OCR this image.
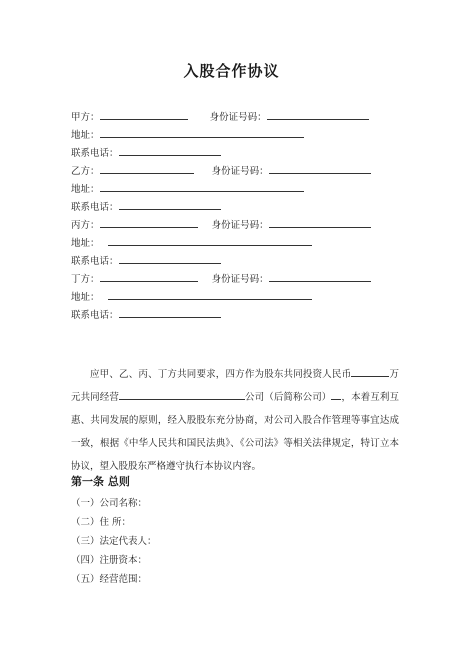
入股合作协议
甲方：	身份证号码：
地址：
联系电话：
乙方：	身份证号码：
地址：
联系电话：
丙方：	身份证号码：
地址：
联系电话：
丁方：	身份证号码：
地址：
联系电话：
应甲、乙、丙、丁方共同要求，四方作为股东共同投资人民币	万元共同经营	公司（后简称公司） ，本着互利互惠、共同发展的原则，经入股股东充分协商，对公司入股合作管理等事宜达成一致，根据《中华人民共和国民法典》、《公司法》等相关法律规定，特订立本协议，望入股股东严格遵守执行本协议内容。
第一条 总则
（一）公司名称：
（二）住 所：
（三）法定代表人：
（四）注册资本：
（五）经营范围：
